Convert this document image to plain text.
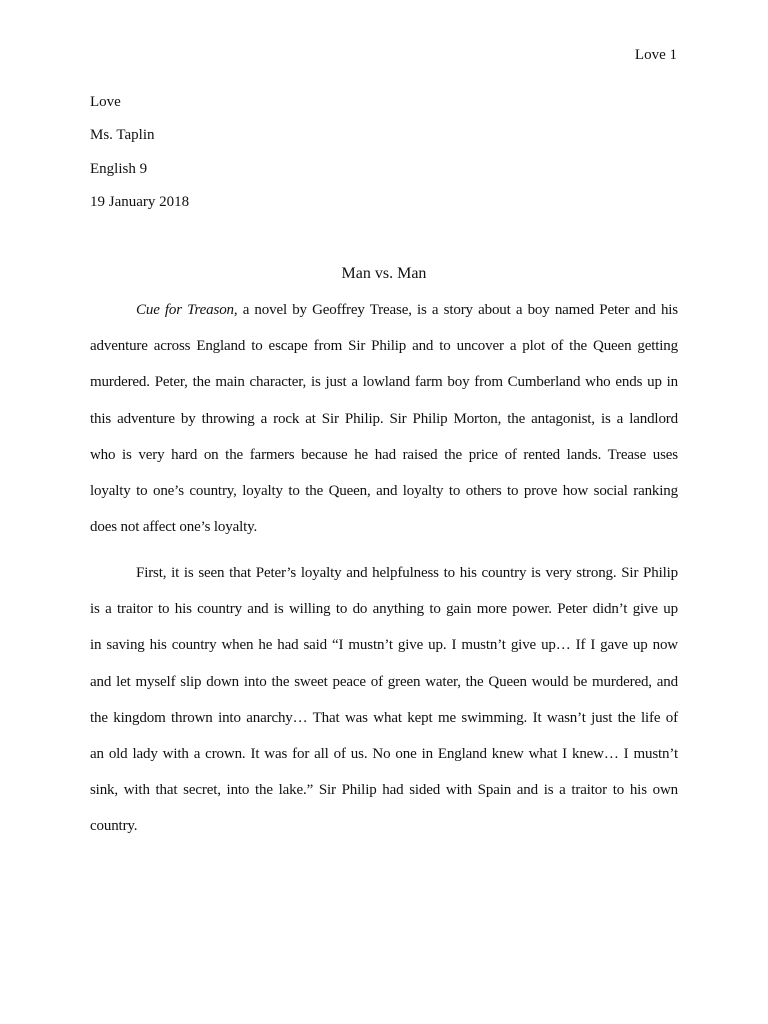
Love 1
Love
Ms. Taplin
English 9
19 January 2018
Man vs. Man
Cue for Treason, a novel by Geoffrey Trease, is a story about a boy named Peter and his
adventure across England to escape from Sir Philip and to uncover a plot of the Queen getting
murdered. Peter, the main character, is just a lowland farm boy from Cumberland who ends up in
this adventure by throwing a rock at Sir Philip. Sir Philip Morton, the antagonist, is a landlord
who is very hard on the farmers because he had raised the price of rented lands. Trease uses
loyalty to one’s country, loyalty to the Queen, and loyalty to others to prove how social ranking
does not affect one’s loyalty.
First, it is seen that Peter’s loyalty and helpfulness to his country is very strong. Sir Philip
is a traitor to his country and is willing to do anything to gain more power. Peter didn’t give up
in saving his country when he had said “I mustn’t give up. I mustn’t give up… If I gave up now
and let myself slip down into the sweet peace of green water, the Queen would be murdered, and
the kingdom thrown into anarchy… That was what kept me swimming. It wasn’t just the life of
an old lady with a crown. It was for all of us. No one in England knew what I knew… I mustn’t
sink, with that secret, into the lake.” Sir Philip had sided with Spain and is a traitor to his own
country.
